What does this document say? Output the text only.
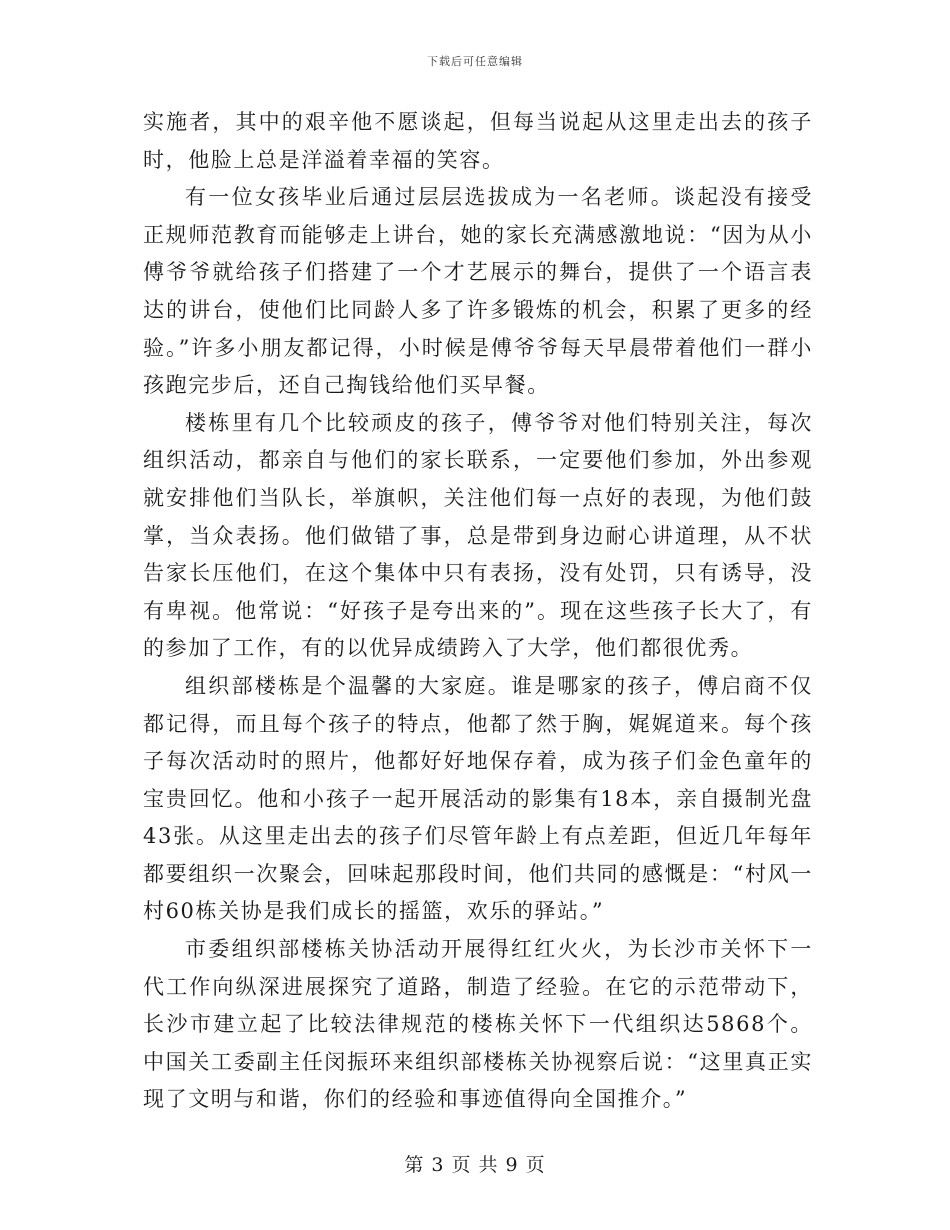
下载后可任意编辑

实施者，其中的艰辛他不愿谈起，但每当说起从这里走出去的孩子时，他脸上总是洋溢着幸福的笑容。

有一位女孩毕业后通过层层选拔成为一名老师。谈起没有接受正规师范教育而能够走上讲台，她的家长充满感激地说：“因为从小傅爷爷就给孩子们搭建了一个才艺展示的舞台，提供了一个语言表达的讲台，使他们比同龄人多了许多锻炼的机会，积累了更多的经验。”许多小朋友都记得，小时候是傅爷爷每天早晨带着他们一群小孩跑完步后，还自己掏钱给他们买早餐。

楼栋里有几个比较顽皮的孩子，傅爷爷对他们特别关注，每次组织活动，都亲自与他们的家长联系，一定要他们参加，外出参观就安排他们当队长，举旗帜，关注他们每一点好的表现，为他们鼓掌，当众表扬。他们做错了事，总是带到身边耐心讲道理，从不状告家长压他们，在这个集体中只有表扬，没有处罚，只有诱导，没有卑视。他常说：“好孩子是夸出来的”。现在这些孩子长大了，有的参加了工作，有的以优异成绩跨入了大学，他们都很优秀。

组织部楼栋是个温馨的大家庭。谁是哪家的孩子，傅启商不仅都记得，而且每个孩子的特点，他都了然于胸，娓娓道来。每个孩子每次活动时的照片，他都好好地保存着，成为孩子们金色童年的宝贵回忆。他和小孩子一起开展活动的影集有18本，亲自摄制光盘43张。从这里走出去的孩子们尽管年龄上有点差距，但近几年每年都要组织一次聚会，回味起那段时间，他们共同的感慨是：“村风一村60栋关协是我们成长的摇篮，欢乐的驿站。”

市委组织部楼栋关协活动开展得红红火火，为长沙市关怀下一代工作向纵深进展探究了道路，制造了经验。在它的示范带动下，长沙市建立起了比较法律规范的楼栋关怀下一代组织达5868个。中国关工委副主任闵振环来组织部楼栋关协视察后说：“这里真正实现了文明与和谐，你们的经验和事迹值得向全国推介。”

第 3 页 共 9 页
